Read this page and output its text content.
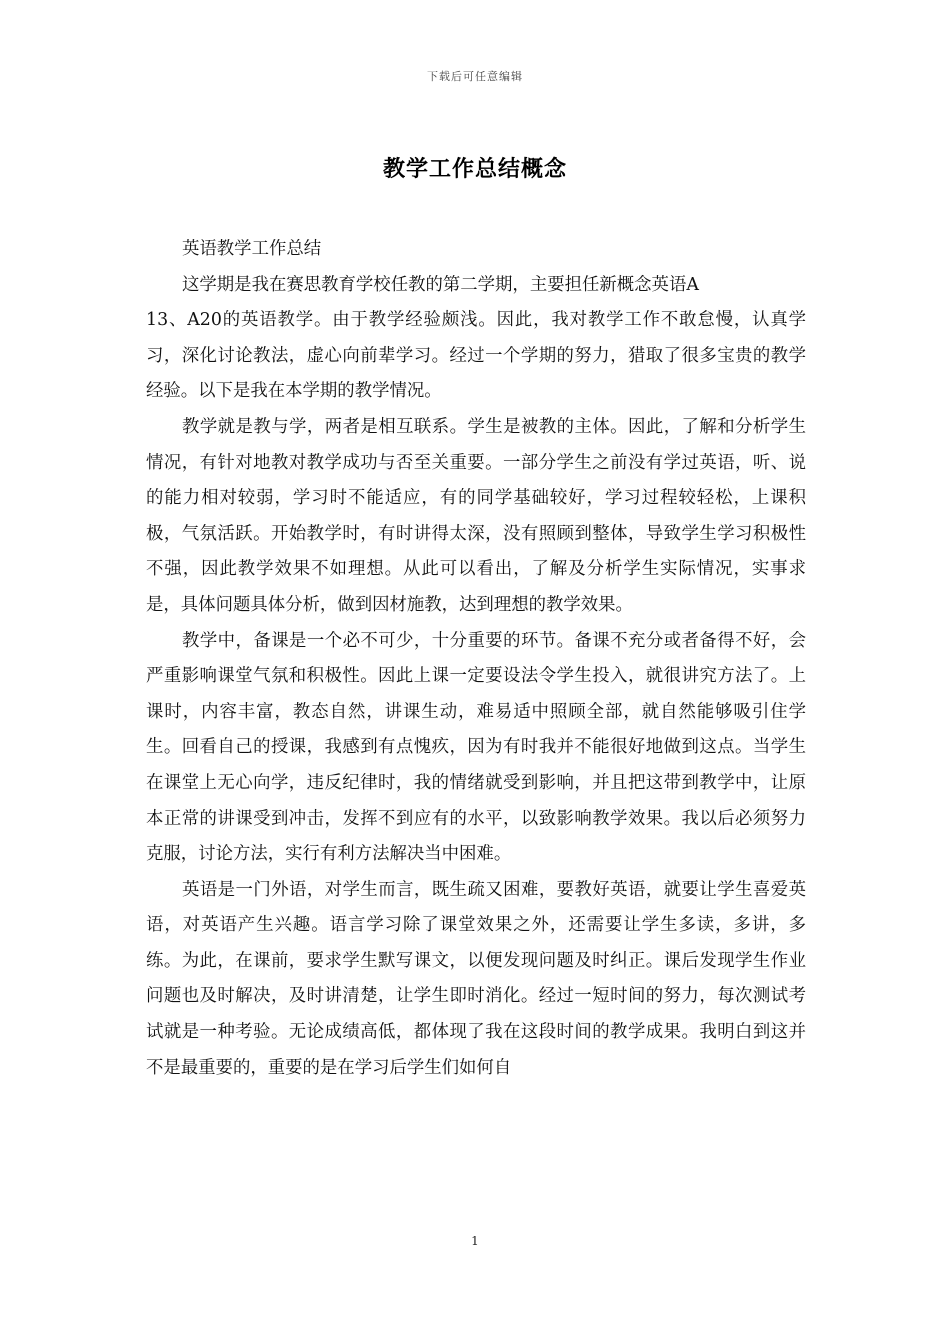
下载后可任意编辑
教学工作总结概念

英语教学工作总结

这学期是我在赛思教育学校任教的第二学期，主要担任新概念英语A

13、A20的英语教学。由于教学经验颇浅。因此，我对教学工作不敢怠慢，认真学习，深化讨论教法，虚心向前辈学习。经过一个学期的努力，猎取了很多宝贵的教学经验。以下是我在本学期的教学情况。

教学就是教与学，两者是相互联系。学生是被教的主体。因此，了解和分析学生情况，有针对地教对教学成功与否至关重要。一部分学生之前没有学过英语，听、说的能力相对较弱，学习时不能适应，有的同学基础较好，学习过程较轻松，上课积极，气氛活跃。开始教学时，有时讲得太深，没有照顾到整体，导致学生学习积极性不强，因此教学效果不如理想。从此可以看出，了解及分析学生实际情况，实事求是，具体问题具体分析，做到因材施教，达到理想的教学效果。

教学中，备课是一个必不可少，十分重要的环节。备课不充分或者备得不好，会严重影响课堂气氛和积极性。因此上课一定要设法令学生投入，就很讲究方法了。上课时，内容丰富，教态自然，讲课生动，难易适中照顾全部，就自然能够吸引住学生。回看自己的授课，我感到有点愧疚，因为有时我并不能很好地做到这点。当学生在课堂上无心向学，违反纪律时，我的情绪就受到影响，并且把这带到教学中，让原本正常的讲课受到冲击，发挥不到应有的水平，以致影响教学效果。我以后必须努力克服，讨论方法，实行有利方法解决当中困难。

英语是一门外语，对学生而言，既生疏又困难，要教好英语，就要让学生喜爱英语，对英语产生兴趣。语言学习除了课堂效果之外，还需要让学生多读，多讲，多练。为此，在课前，要求学生默写课文，以便发现问题及时纠正。课后发现学生作业问题也及时解决，及时讲清楚，让学生即时消化。经过一短时间的努力，每次测试考试就是一种考验。无论成绩高低，都体现了我在这段时间的教学成果。我明白到这并不是最重要的，重要的是在学习后学生们如何自

1
